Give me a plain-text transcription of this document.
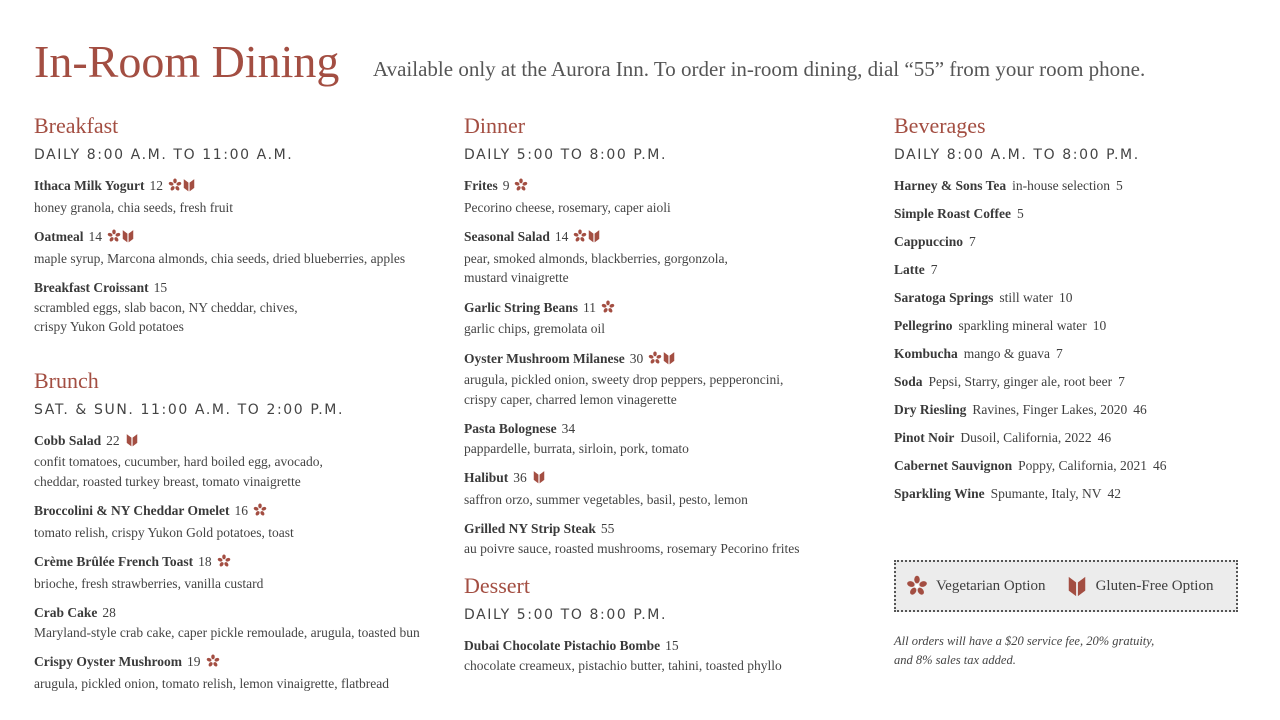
In-Room Dining Available only at the Aurora Inn. To order in-room dining, dial “55” from your room phone.
Breakfast
DAILY 8:00 A.M. TO 11:00 A.M.
Ithaca Milk Yogurt 12
honey granola, chia seeds, fresh fruit
Oatmeal 14
maple syrup, Marcona almonds, chia seeds, dried blueberries, apples
Breakfast Croissant 15
scrambled eggs, slab bacon, NY cheddar, chives,
crispy Yukon Gold potatoes
Brunch
SAT. & SUN. 11:00 A.M. TO 2:00 P.M.
Cobb Salad 22
confit tomatoes, cucumber, hard boiled egg, avocado,
cheddar, roasted turkey breast, tomato vinaigrette
Broccolini & NY Cheddar Omelet 16
tomato relish, crispy Yukon Gold potatoes, toast
Crème Brûlée French Toast 18
brioche, fresh strawberries, vanilla custard
Crab Cake 28
Maryland-style crab cake, caper pickle remoulade, arugula, toasted bun
Crispy Oyster Mushroom 19
arugula, pickled onion, tomato relish, lemon vinaigrette, flatbread
Dinner
DAILY 5:00 TO 8:00 P.M.
Frites 9
Pecorino cheese, rosemary, caper aioli
Seasonal Salad 14
pear, smoked almonds, blackberries, gorgonzola,
mustard vinaigrette
Garlic String Beans 11
garlic chips, gremolata oil
Oyster Mushroom Milanese 30
arugula, pickled onion, sweety drop peppers, pepperoncini,
crispy caper, charred lemon vinagerette
Pasta Bolognese 34
pappardelle, burrata, sirloin, pork, tomato
Halibut 36
saffron orzo, summer vegetables, basil, pesto, lemon
Grilled NY Strip Steak 55
au poivre sauce, roasted mushrooms, rosemary Pecorino frites
Dessert
DAILY 5:00 TO 8:00 P.M.
Dubai Chocolate Pistachio Bombe 15
chocolate creameux, pistachio butter, tahini, toasted phyllo
Beverages
DAILY 8:00 A.M. TO 8:00 P.M.
Harney & Sons Tea in-house selection 5
Simple Roast Coffee 5
Cappuccino 7
Latte 7
Saratoga Springs still water 10
Pellegrino sparkling mineral water 10
Kombucha mango & guava 7
Soda Pepsi, Starry, ginger ale, root beer 7
Dry Riesling Ravines, Finger Lakes, 2020 46
Pinot Noir Dusoil, California, 2022 46
Cabernet Sauvignon Poppy, California, 2021 46
Sparkling Wine Spumante, Italy, NV 42
Vegetarian Option	Gluten-Free Option
All orders will have a $20 service fee, 20% gratuity,
and 8% sales tax added.
